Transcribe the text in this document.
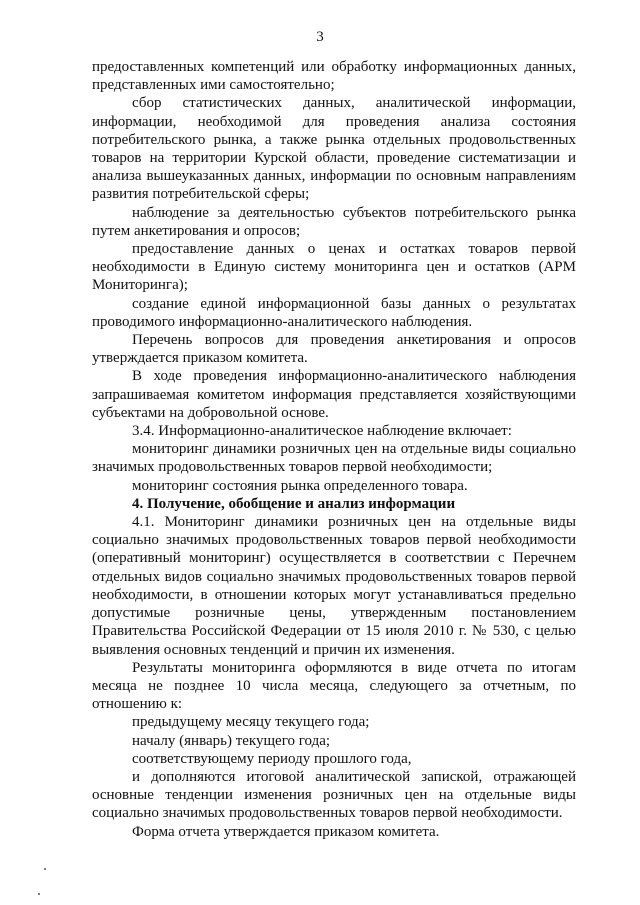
3

предоставленных компетенций или обработку информационных данных, представленных ими самостоятельно;

сбор статистических данных, аналитической информации, информации, необходимой для проведения анализа состояния потребительского рынка, а также рынка отдельных продовольственных товаров на территории Курской области, проведение систематизации и анализа вышеуказанных данных, информации по основным направлениям развития потребительской сферы;

наблюдение за деятельностью субъектов потребительского рынка путем анкетирования и опросов;

предоставление данных о ценах и остатках товаров первой необходимости в Единую систему мониторинга цен и остатков (АРМ Мониторинга);

создание единой информационной базы данных о результатах проводимого информационно-аналитического наблюдения.

Перечень вопросов для проведения анкетирования и опросов утверждается приказом комитета.

В ходе проведения информационно-аналитического наблюдения запрашиваемая комитетом информация представляется хозяйствующими субъектами на добровольной основе.

3.4. Информационно-аналитическое наблюдение включает:

мониторинг динамики розничных цен на отдельные виды социально значимых продовольственных товаров первой необходимости;

мониторинг состояния рынка определенного товара.

4. Получение, обобщение и анализ информации

4.1. Мониторинг динамики розничных цен на отдельные виды социально значимых продовольственных товаров первой необходимости (оперативный мониторинг) осуществляется в соответствии с Перечнем отдельных видов социально значимых продовольственных товаров первой необходимости, в отношении которых могут устанавливаться предельно допустимые розничные цены, утвержденным постановлением Правительства Российской Федерации от 15 июля 2010 г. № 530, с целью выявления основных тенденций и причин их изменения.

Результаты мониторинга оформляются в виде отчета по итогам месяца не позднее 10 числа месяца, следующего за отчетным, по отношению к:

предыдущему месяцу текущего года;

началу (январь) текущего года;

соответствующему периоду прошлого года,

и дополняются итоговой аналитической запиской, отражающей основные тенденции изменения розничных цен на отдельные виды социально значимых продовольственных товаров первой необходимости.

Форма отчета утверждается приказом комитета.
